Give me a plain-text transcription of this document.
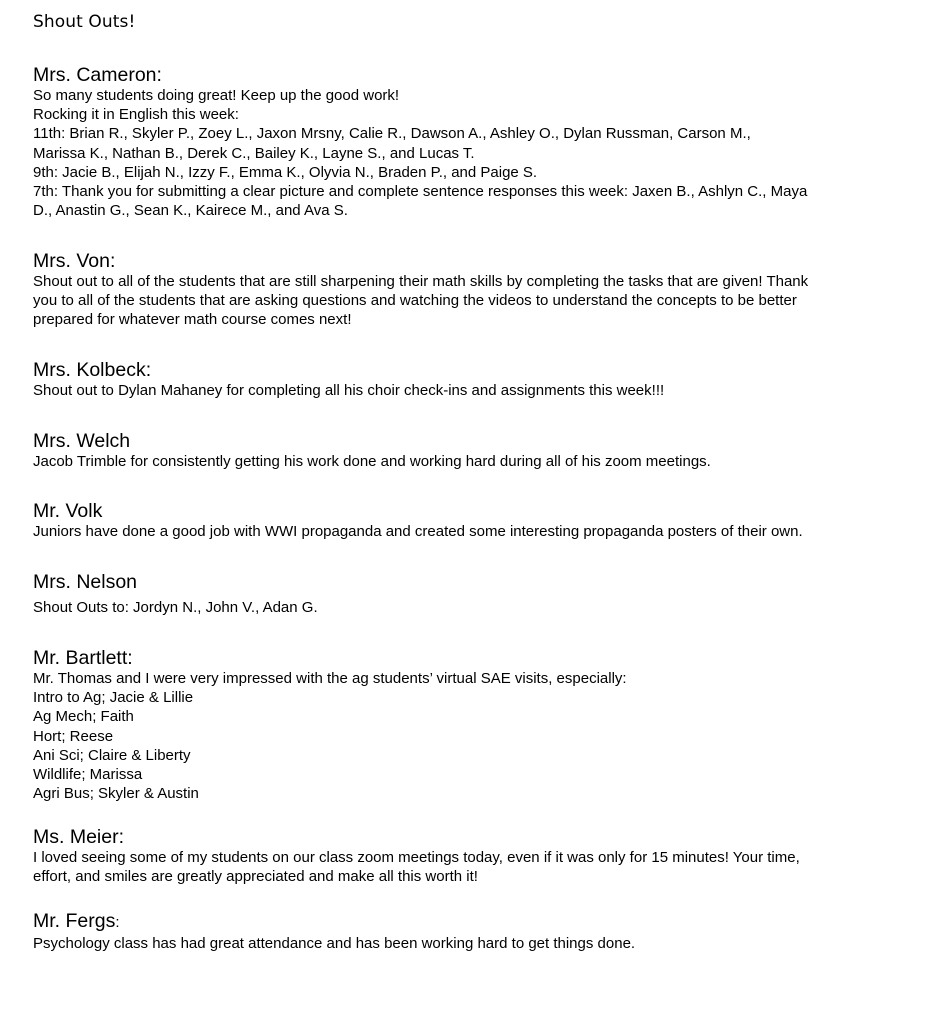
Shout Outs!
Mrs. Cameron:
So many students doing great! Keep up the good work!
Rocking it in English this week:
11th: Brian R., Skyler P., Zoey L., Jaxon Mrsny, Calie R., Dawson A., Ashley O., Dylan Russman, Carson M.,
Marissa K., Nathan B., Derek C., Bailey K., Layne S., and Lucas T.
9th: Jacie B., Elijah N., Izzy F., Emma K., Olyvia N., Braden P., and Paige S.
7th: Thank you for submitting a clear picture and complete sentence responses this week: Jaxen B., Ashlyn C., Maya
D., Anastin G., Sean K., Kairece M., and Ava S.
Mrs. Von:
Shout out to all of the students that are still sharpening their math skills by completing the tasks that are given! Thank
you to all of the students that are asking questions and watching the videos to understand the concepts to be better
prepared for whatever math course comes next!
Mrs. Kolbeck:
Shout out to Dylan Mahaney for completing all his choir check-ins and assignments this week!!!
Mrs. Welch
Jacob Trimble for consistently getting his work done and working hard during all of his zoom meetings.
Mr. Volk
Juniors have done a good job with WWI propaganda and created some interesting propaganda posters of their own.
Mrs. Nelson
Shout Outs to: Jordyn N., John V., Adan G.
Mr. Bartlett:
Mr. Thomas and I were very impressed with the ag students’ virtual SAE visits, especially:
Intro to Ag; Jacie & Lillie
Ag Mech; Faith
Hort; Reese
Ani Sci; Claire & Liberty
Wildlife; Marissa
Agri Bus; Skyler & Austin
Ms. Meier:
I loved seeing some of my students on our class zoom meetings today, even if it was only for 15 minutes! Your time,
effort, and smiles are greatly appreciated and make all this worth it!
Mr. Fergs:
Psychology class has had great attendance and has been working hard to get things done.
